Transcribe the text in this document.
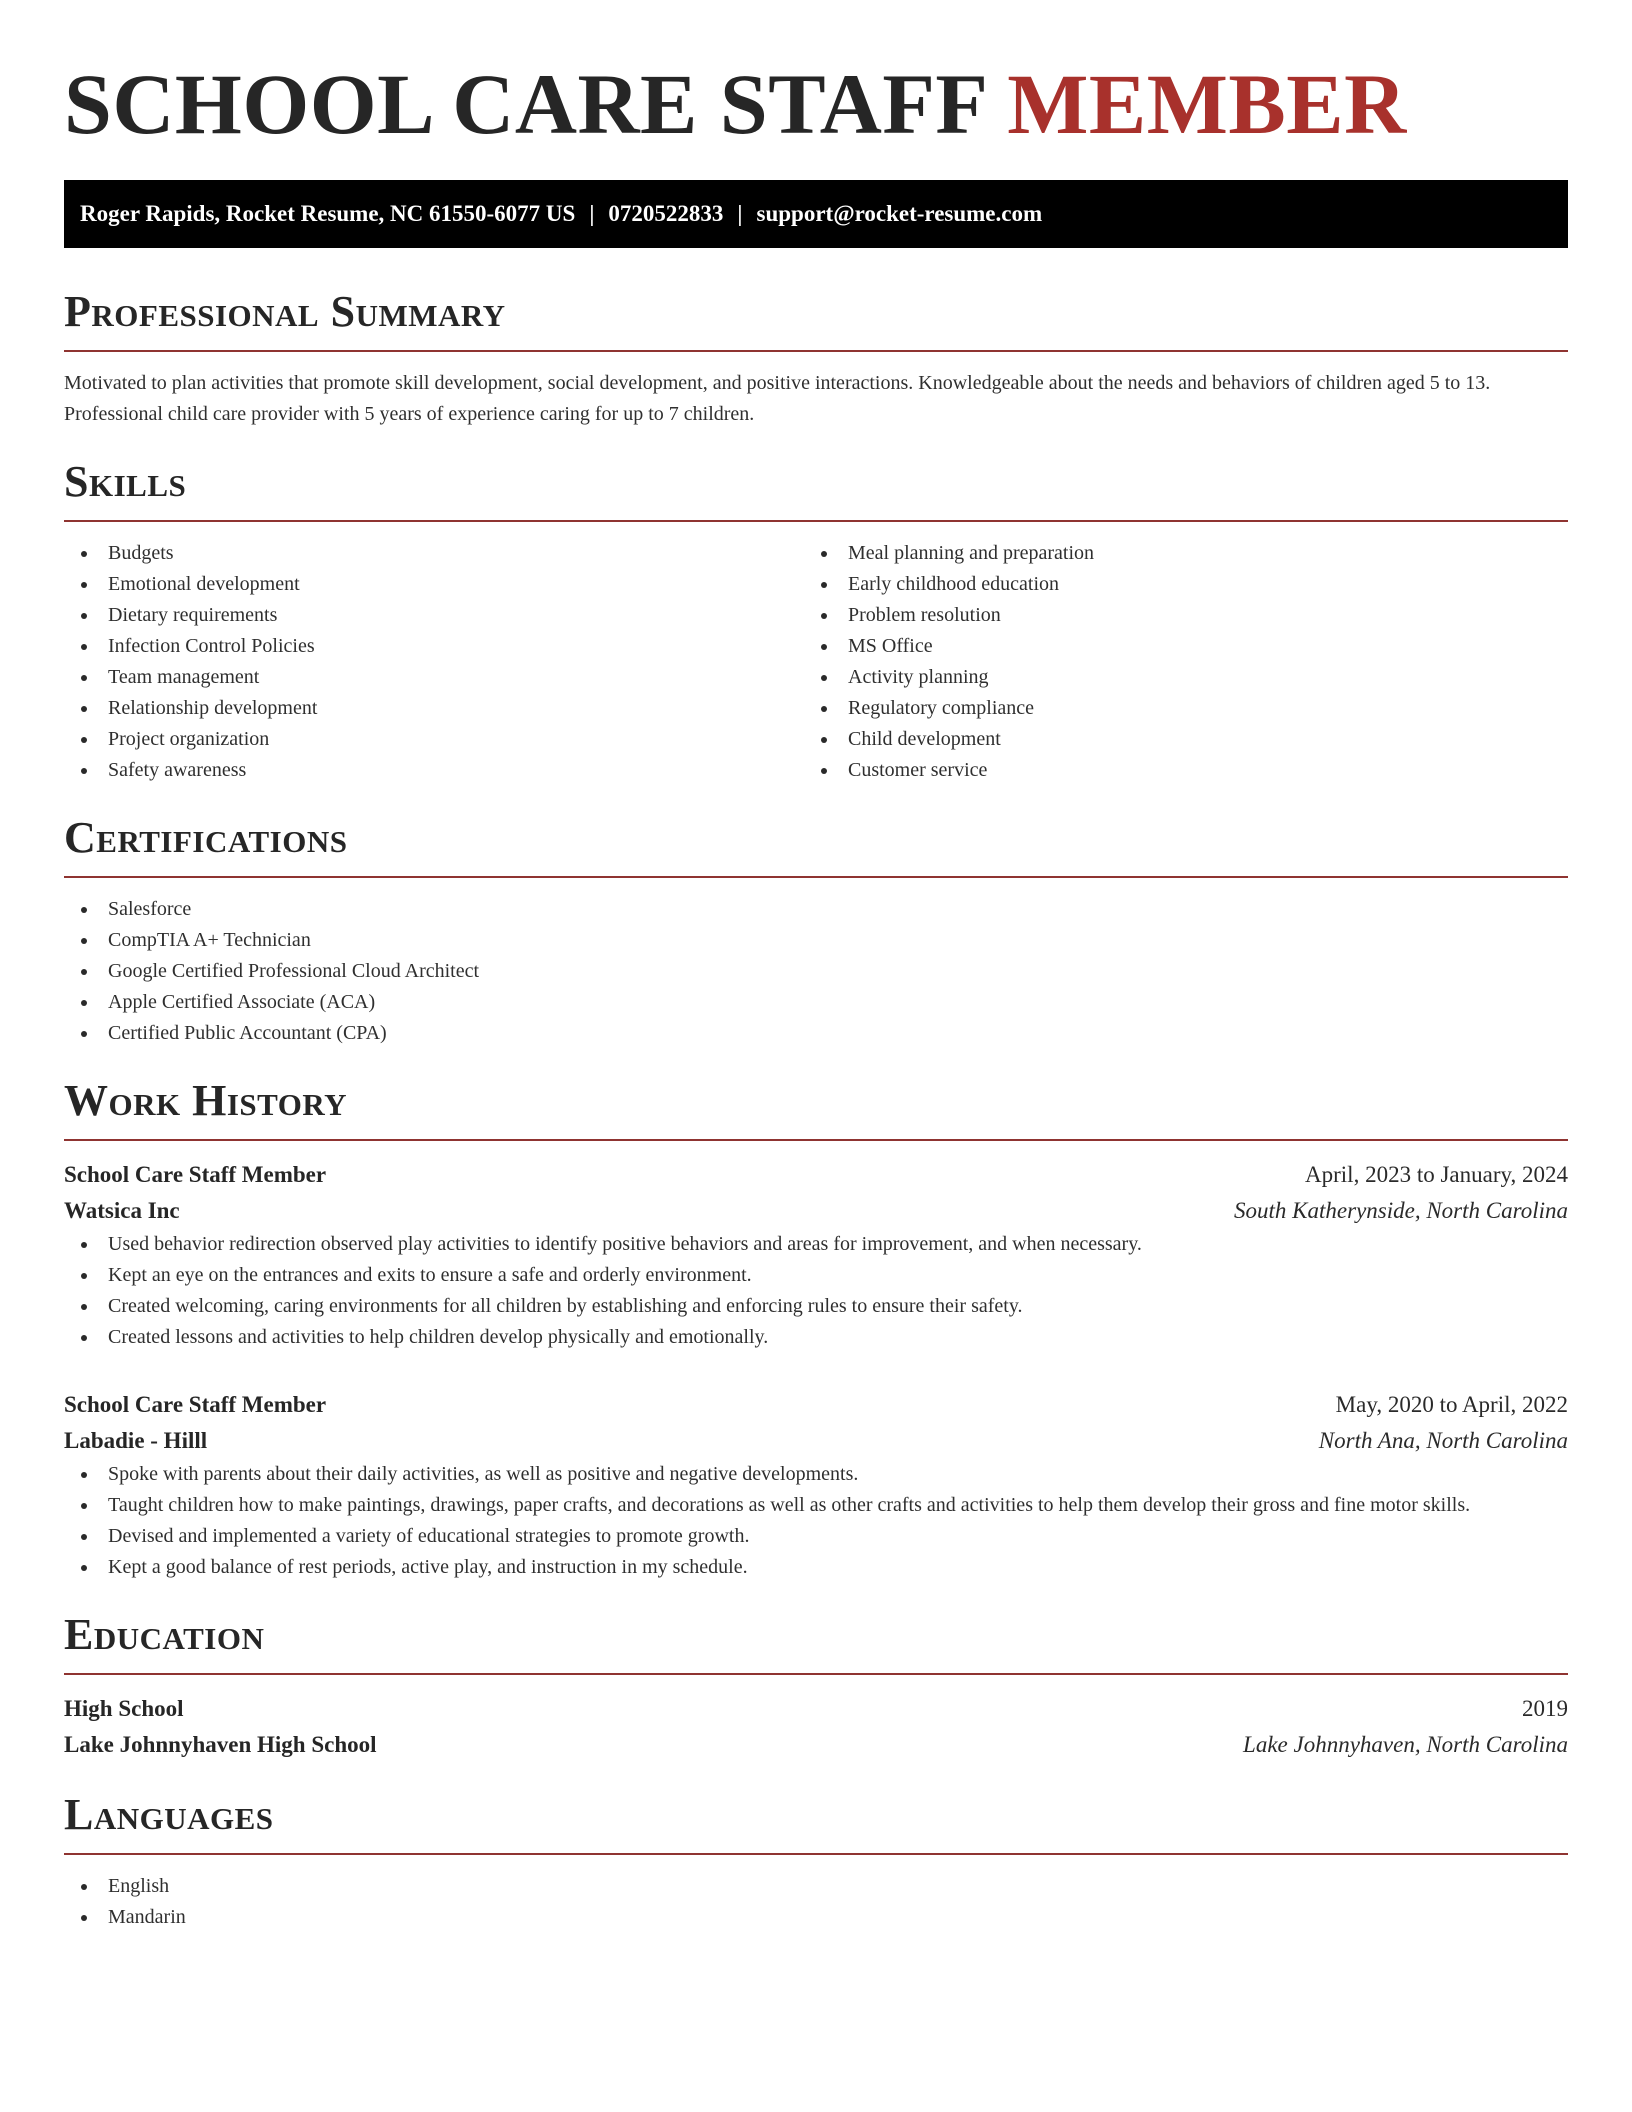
SCHOOL CARE STAFF MEMBER
Roger Rapids, Rocket Resume, NC 61550-6077 US | 0720522833 | support@rocket-resume.com
Professional Summary

Motivated to plan activities that promote skill development, social development, and positive interactions. Knowledgeable about the needs and behaviors of children aged 5 to 13. Professional child care provider with 5 years of experience caring for up to 7 children.

Skills
Budgets
Emotional development
Dietary requirements
Infection Control Policies
Team management
Relationship development
Project organization
Safety awareness
Meal planning and preparation
Early childhood education
Problem resolution
MS Office
Activity planning
Regulatory compliance
Child development
Customer service
Certifications
Salesforce
CompTIA A+ Technician
Google Certified Professional Cloud Architect
Apple Certified Associate (ACA)
Certified Public Accountant (CPA)
Work History
School Care Staff Member	April, 2023 to January, 2024
Watsica Inc	South Katherynside, North Carolina
Used behavior redirection observed play activities to identify positive behaviors and areas for improvement, and when necessary.
Kept an eye on the entrances and exits to ensure a safe and orderly environment.
Created welcoming, caring environments for all children by establishing and enforcing rules to ensure their safety.
Created lessons and activities to help children develop physically and emotionally.
School Care Staff Member	May, 2020 to April, 2022
Labadie - Hilll	North Ana, North Carolina
Spoke with parents about their daily activities, as well as positive and negative developments.
Taught children how to make paintings, drawings, paper crafts, and decorations as well as other crafts and activities to help them develop their gross and fine motor skills.
Devised and implemented a variety of educational strategies to promote growth.
Kept a good balance of rest periods, active play, and instruction in my schedule.
Education
High School	2019
Lake Johnnyhaven High School	Lake Johnnyhaven, North Carolina
Languages
English
Mandarin
